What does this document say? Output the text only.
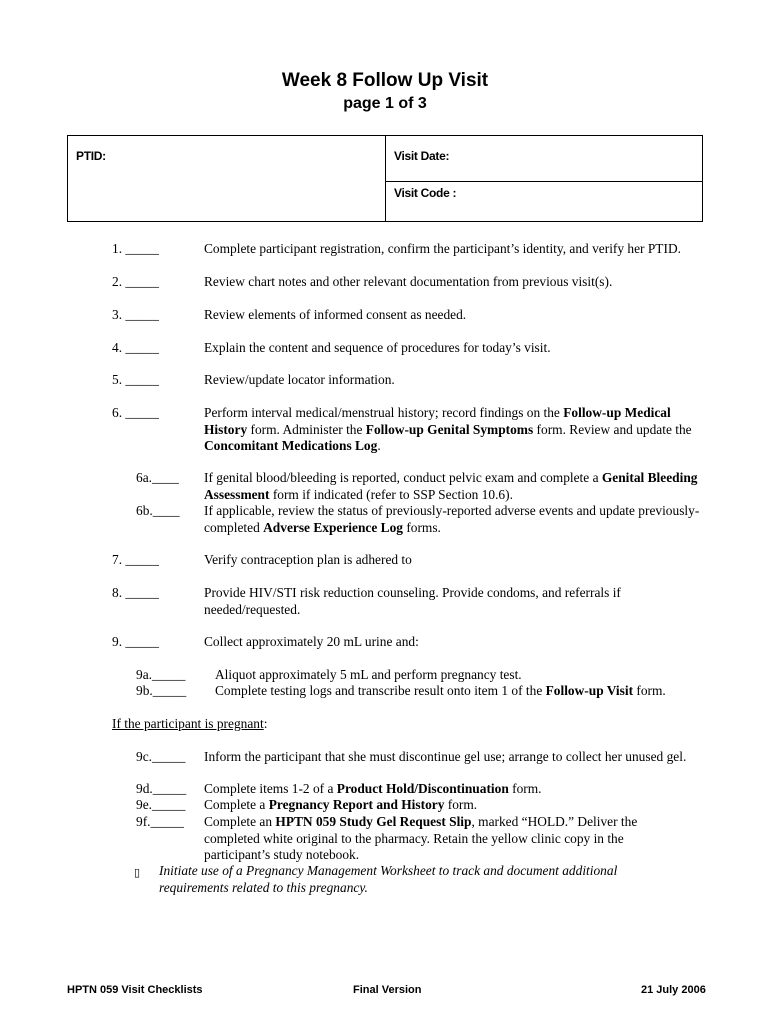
Week 8 Follow Up Visit
page 1 of 3
PTID:	Visit Date:
Visit Code :
1. _____	Complete participant registration, confirm the participant’s identity, and verify her PTID.
2. _____	Review chart notes and other relevant documentation from previous visit(s).
3. _____	Review elements of informed consent as needed.
4. _____	Explain the content and sequence of procedures for today’s visit.
5. _____	Review/update locator information.
6. _____	Perform interval medical/menstrual history; record findings on the Follow-up Medical History form. Administer the Follow-up Genital Symptoms form. Review and update the Concomitant Medications Log.
6a.____	If genital blood/bleeding is reported, conduct pelvic exam and complete a Genital Bleeding Assessment form if indicated (refer to SSP Section 10.6).
6b.____	If applicable, review the status of previously-reported adverse events and update previously-completed Adverse Experience Log forms.
7. _____	Verify contraception plan is adhered to
8. _____	Provide HIV/STI risk reduction counseling. Provide condoms, and referrals if needed/requested.
9. _____	Collect approximately 20 mL urine and:
9a._____	Aliquot approximately 5 mL and perform pregnancy test.
9b._____	Complete testing logs and transcribe result onto item 1 of the Follow-up Visit form.
If the participant is pregnant:
9c._____	Inform the participant that she must discontinue gel use; arrange to collect her unused gel.
9d._____	Complete items 1-2 of a Product Hold/Discontinuation form.
9e._____	Complete a Pregnancy Report and History form.
9f._____	Complete an HPTN 059 Study Gel Request Slip, marked “HOLD.” Deliver the completed white original to the pharmacy. Retain the yellow clinic copy in the participant’s study notebook.
▯ Initiate use of a Pregnancy Management Worksheet to track and document additional requirements related to this pregnancy.
HPTN 059 Visit Checklists	Final Version	21 July 2006
